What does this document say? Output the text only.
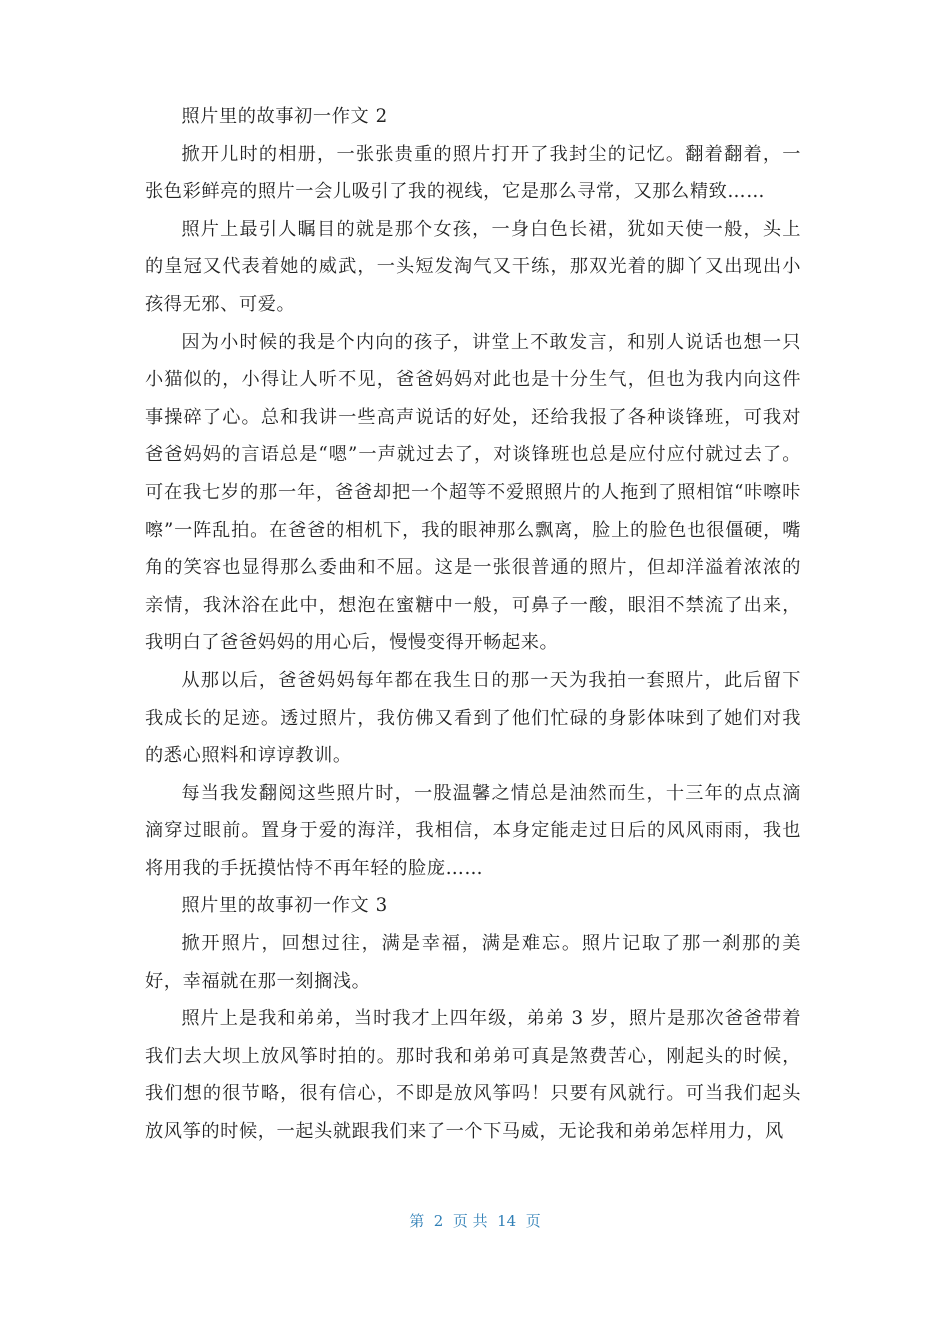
照片里的故事初一作文 2

掀开儿时的相册，一张张贵重的照片打开了我封尘的记忆。翻着翻着，一张色彩鲜亮的照片一会儿吸引了我的视线，它是那么寻常，又那么精致……

照片上最引人瞩目的就是那个女孩，一身白色长裙，犹如天使一般，头上的皇冠又代表着她的威武，一头短发淘气又干练，那双光着的脚丫又出现出小孩得无邪、可爱。

因为小时候的我是个内向的孩子，讲堂上不敢发言，和别人说话也想一只小猫似的，小得让人听不见，爸爸妈妈对此也是十分生气，但也为我内向这件事操碎了心。总和我讲一些高声说话的好处，还给我报了各种谈锋班，可我对爸爸妈妈的言语总是“嗯”一声就过去了，对谈锋班也总是应付应付就过去了。可在我七岁的那一年，爸爸却把一个超等不爱照照片的人拖到了照相馆“咔嚓咔嚓”一阵乱拍。在爸爸的相机下，我的眼神那么飘离，脸上的脸色也很僵硬，嘴角的笑容也显得那么委曲和不屈。这是一张很普通的照片，但却洋溢着浓浓的亲情，我沐浴在此中，想泡在蜜糖中一般，可鼻子一酸，眼泪不禁流了出来，我明白了爸爸妈妈的用心后，慢慢变得开畅起来。

从那以后，爸爸妈妈每年都在我生日的那一天为我拍一套照片，此后留下我成长的足迹。透过照片，我仿佛又看到了他们忙碌的身影体味到了她们对我的悉心照料和谆谆教训。

每当我发翻阅这些照片时，一股温馨之情总是油然而生，十三年的点点滴滴穿过眼前。置身于爱的海洋，我相信，本身定能走过日后的风风雨雨，我也将用我的手抚摸怙恃不再年轻的脸庞……

照片里的故事初一作文 3

掀开照片，回想过往，满是幸福，满是难忘。照片记取了那一刹那的美好，幸福就在那一刻搁浅。

照片上是我和弟弟，当时我才上四年级，弟弟 3 岁，照片是那次爸爸带着我们去大坝上放风筝时拍的。那时我和弟弟可真是煞费苦心，刚起头的时候，我们想的很节略，很有信心，不即是放风筝吗！只要有风就行。可当我们起头放风筝的时候，一起头就跟我们来了一个下马威，无论我和弟弟怎样用力，风

第  2  页 共  14  页
